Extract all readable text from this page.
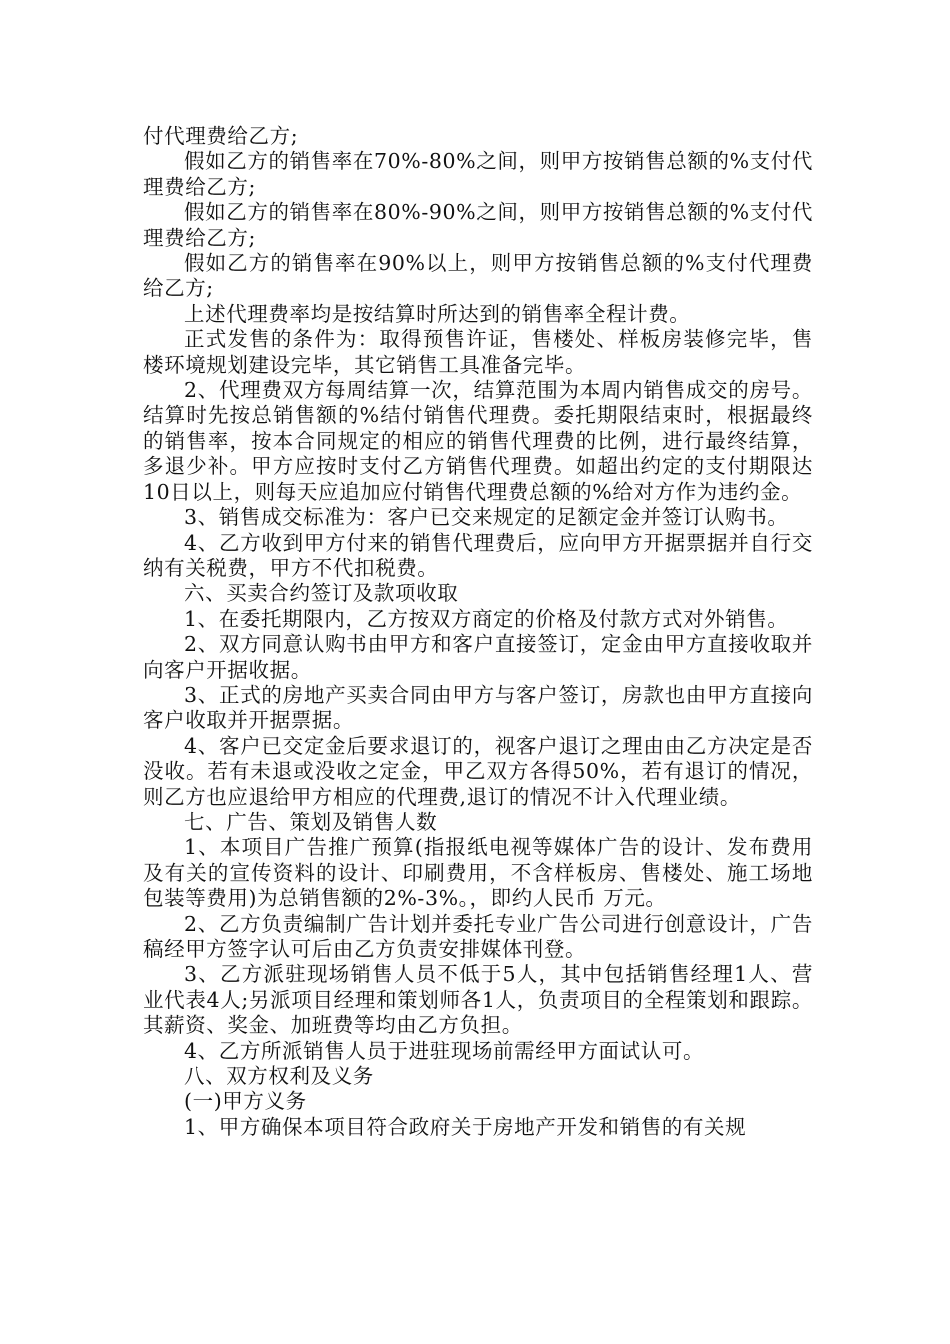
付代理费给乙方;

假如乙方的销售率在70%-80%之间，则甲方按销售总额的%支付代理费给乙方;

假如乙方的销售率在80%-90%之间，则甲方按销售总额的%支付代理费给乙方;

假如乙方的销售率在90%以上，则甲方按销售总额的%支付代理费给乙方;

上述代理费率均是按结算时所达到的销售率全程计费。

正式发售的条件为：取得预售许证，售楼处、样板房装修完毕，售楼环境规划建设完毕，其它销售工具准备完毕。

2、代理费双方每周结算一次，结算范围为本周内销售成交的房号。结算时先按总销售额的%结付销售代理费。委托期限结束时，根据最终的销售率，按本合同规定的相应的销售代理费的比例，进行最终结算，多退少补。甲方应按时支付乙方销售代理费。如超出约定的支付期限达10日以上，则每天应追加应付销售代理费总额的%给对方作为违约金。

3、销售成交标准为：客户已交来规定的足额定金并签订认购书。

4、乙方收到甲方付来的销售代理费后，应向甲方开据票据并自行交纳有关税费，甲方不代扣税费。

六、买卖合约签订及款项收取

1、在委托期限内，乙方按双方商定的价格及付款方式对外销售。

2、双方同意认购书由甲方和客户直接签订，定金由甲方直接收取并向客户开据收据。

3、正式的房地产买卖合同由甲方与客户签订，房款也由甲方直接向客户收取并开据票据。

4、客户已交定金后要求退订的，视客户退订之理由由乙方决定是否没收。若有未退或没收之定金，甲乙双方各得50%，若有退订的情况，则乙方也应退给甲方相应的代理费,退订的情况不计入代理业绩。

七、广告、策划及销售人数

1、本项目广告推广预算(指报纸电视等媒体广告的设计、发布费用及有关的宣传资料的设计、印刷费用，不含样板房、售楼处、施工场地包装等费用)为总销售额的2%-3%。，即约人民币 万元。

2、乙方负责编制广告计划并委托专业广告公司进行创意设计，广告稿经甲方签字认可后由乙方负责安排媒体刊登。

3、乙方派驻现场销售人员不低于5人，其中包括销售经理1人、营业代表4人;另派项目经理和策划师各1人，负责项目的全程策划和跟踪。其薪资、奖金、加班费等均由乙方负担。

4、乙方所派销售人员于进驻现场前需经甲方面试认可。

八、双方权利及义务

(一)甲方义务

1、甲方确保本项目符合政府关于房地产开发和销售的有关规
